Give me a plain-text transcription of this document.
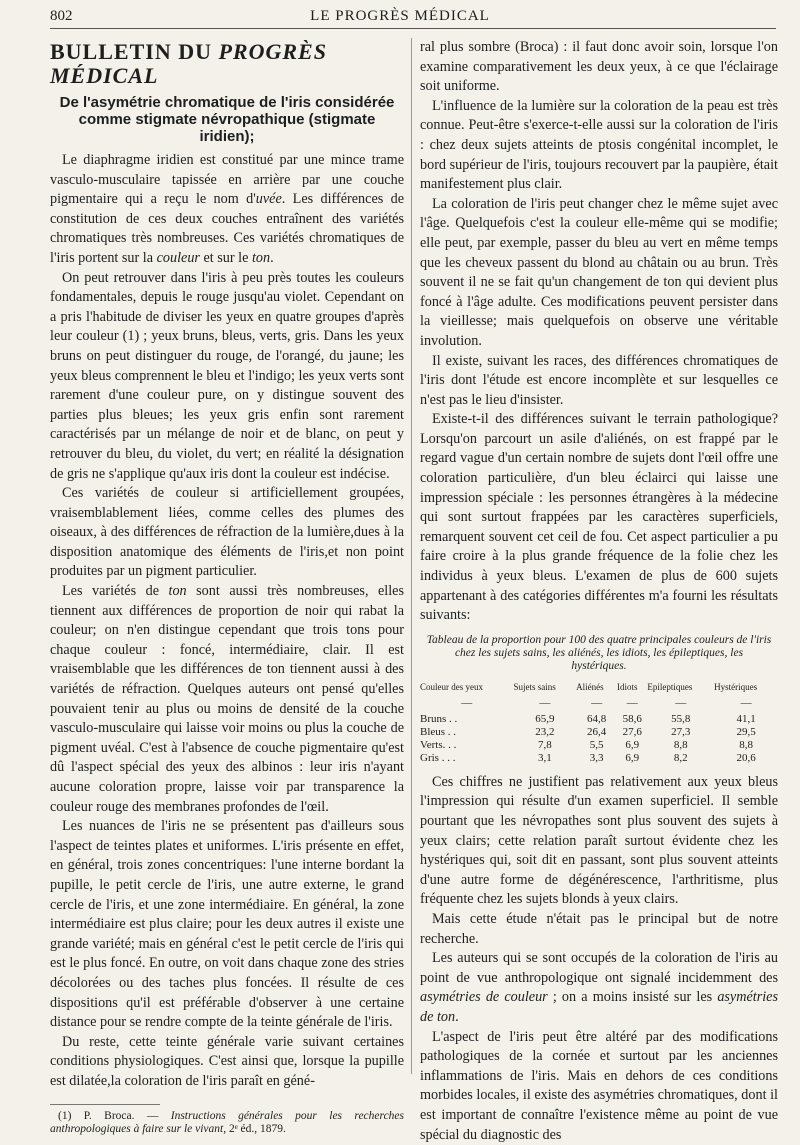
802	LE PROGRÈS MÉDICAL
BULLETIN DU PROGRÈS MÉDICAL
De l'asymétrie chromatique de l'iris considérée comme stigmate névropathique (stigmate iridien);

Le diaphragme iridien est constitué par une mince trame vasculo-musculaire tapissée en arrière par une couche pigmentaire qui a reçu le nom d'uvée. Les différences de constitution de ces deux couches entraînent des variétés chromatiques très nombreuses. Ces variétés chromatiques de l'iris portent sur la couleur et sur le ton.

On peut retrouver dans l'iris à peu près toutes les couleurs fondamentales, depuis le rouge jusqu'au violet. Cependant on a pris l'habitude de diviser les yeux en quatre groupes d'après leur couleur (1) ; yeux bruns, bleus, verts, gris. Dans les yeux bruns on peut distinguer du rouge, de l'orangé, du jaune; les yeux bleus comprennent le bleu et l'indigo; les yeux verts sont rarement d'une couleur pure, on y distingue souvent des parties plus bleues; les yeux gris enfin sont rarement caractérisés par un mélange de noir et de blanc, on peut y retrouver du bleu, du violet, du vert; en réalité la désignation de gris ne s'applique qu'aux iris dont la couleur est indécise.

Ces variétés de couleur si artificiellement groupées, vraisemblablement liées, comme celles des plumes des oiseaux, à des différences de réfraction de la lumière,dues à la disposition anatomique des éléments de l'iris,et non point produites par un pigment particulier.

Les variétés de ton sont aussi très nombreuses, elles tiennent aux différences de proportion de noir qui rabat la couleur; on n'en distingue cependant que trois tons pour chaque couleur : foncé, intermédiaire, clair. Il est vraisemblable que les différences de ton tiennent aussi à des variétés de réfraction. Quelques auteurs ont pensé qu'elles pouvaient tenir au plus ou moins de densité de la couche vasculo-musculaire qui laisse voir moins ou plus la couche de pigment uvéal. C'est à l'absence de couche pigmentaire qu'est dû l'aspect spécial des yeux des albinos : leur iris n'ayant aucune coloration propre, laisse voir par transparence la couleur rouge des membranes profondes de l'œil.

Les nuances de l'iris ne se présentent pas d'ailleurs sous l'aspect de teintes plates et uniformes. L'iris présente en effet, en général, trois zones concentriques: l'une interne bordant la pupille, le petit cercle de l'iris, une autre externe, le grand cercle de l'iris, et une zone intermédiaire. En général, la zone intermédiaire est plus claire; pour les deux autres il existe une grande variété; mais en général c'est le petit cercle de l'iris qui est le plus foncé. En outre, on voit dans chaque zone des stries décolorées ou des taches plus foncées. Il résulte de ces dispositions qu'il est préférable d'observer à une certaine distance pour se rendre compte de la teinte générale de l'iris.

Du reste, cette teinte générale varie suivant certaines conditions physiologiques. C'est ainsi que, lorsque la pupille est dilatée,la coloration de l'iris paraît en géné-

(1) P. Broca. — Instructions générales pour les recherches anthropologiques à faire sur le vivant, 2ᵉ éd., 1879.

ral plus sombre (Broca) : il faut donc avoir soin, lorsque l'on examine comparativement les deux yeux, à ce que l'éclairage soit uniforme.

L'influence de la lumière sur la coloration de la peau est très connue. Peut-être s'exerce-t-elle aussi sur la coloration de l'iris : chez deux sujets atteints de ptosis congénital incomplet, le bord supérieur de l'iris, toujours recouvert par la paupière, était manifestement plus clair.

La coloration de l'iris peut changer chez le même sujet avec l'âge. Quelquefois c'est la couleur elle-même qui se modifie; elle peut, par exemple, passer du bleu au vert en même temps que les cheveux passent du blond au châtain ou au brun. Très souvent il ne se fait qu'un changement de ton qui devient plus foncé à l'âge adulte. Ces modifications peuvent persister dans la vieillesse; mais quelquefois on observe une véritable involution.

Il existe, suivant les races, des différences chromatiques de l'iris dont l'étude est encore incomplète et sur lesquelles ce n'est pas le lieu d'insister.

Existe-t-il des différences suivant le terrain pathologique? Lorsqu'on parcourt un asile d'aliénés, on est frappé par le regard vague d'un certain nombre de sujets dont l'œil offre une coloration particulière, d'un bleu éclairci qui laisse une impression spéciale : les personnes étrangères à la médecine qui sont surtout frappées par les caractères superficiels, remarquent souvent cet ceil de fou. Cet aspect particulier a pu faire croire à la plus grande fréquence de la folie chez les individus à yeux bleus. L'examen de plus de 600 sujets appartenant à des catégories différentes m'a fourni les résultats suivants:

Tableau de la proportion pour 100 des quatre principales couleurs de l'iris chez les sujets sains, les aliénés, les idiots, les épileptiques, les hystériques.
Couleur des yeux	Sujets sains	Aliénés	Idiots	Epileptiques	Hystériques
—	—	—	—	—	—
Bruns . .	65,9	64,8	58,6	55,8	41,1
Bleus . .	23,2	26,4	27,6	27,3	29,5
Verts. . .	7,8	5,5	6,9	8,8	8,8
Gris . . .	3,1	3,3	6,9	8,2	20,6

Ces chiffres ne justifient pas relativement aux yeux bleus l'impression qui résulte d'un examen superficiel. Il semble pourtant que les névropathes sont plus souvent des sujets à yeux clairs; cette relation paraît surtout évidente chez les hystériques qui, soit dit en passant, sont plus souvent atteints d'une autre forme de dégénérescence, l'arthritisme, plus fréquente chez les sujets blonds à yeux clairs.

Mais cette étude n'était pas le principal but de notre recherche.

Les auteurs qui se sont occupés de la coloration de l'iris au point de vue anthropologique ont signalé incidemment des asymétries de couleur ; on a moins insisté sur les asymétries de ton.

L'aspect de l'iris peut être altéré par des modifications pathologiques de la cornée et surtout par les anciennes inflammations de l'iris. Mais en dehors de ces conditions morbides locales, il existe des asymétries chromatiques, dont il est important de connaître l'existence même au point de vue spécial du diagnostic des
